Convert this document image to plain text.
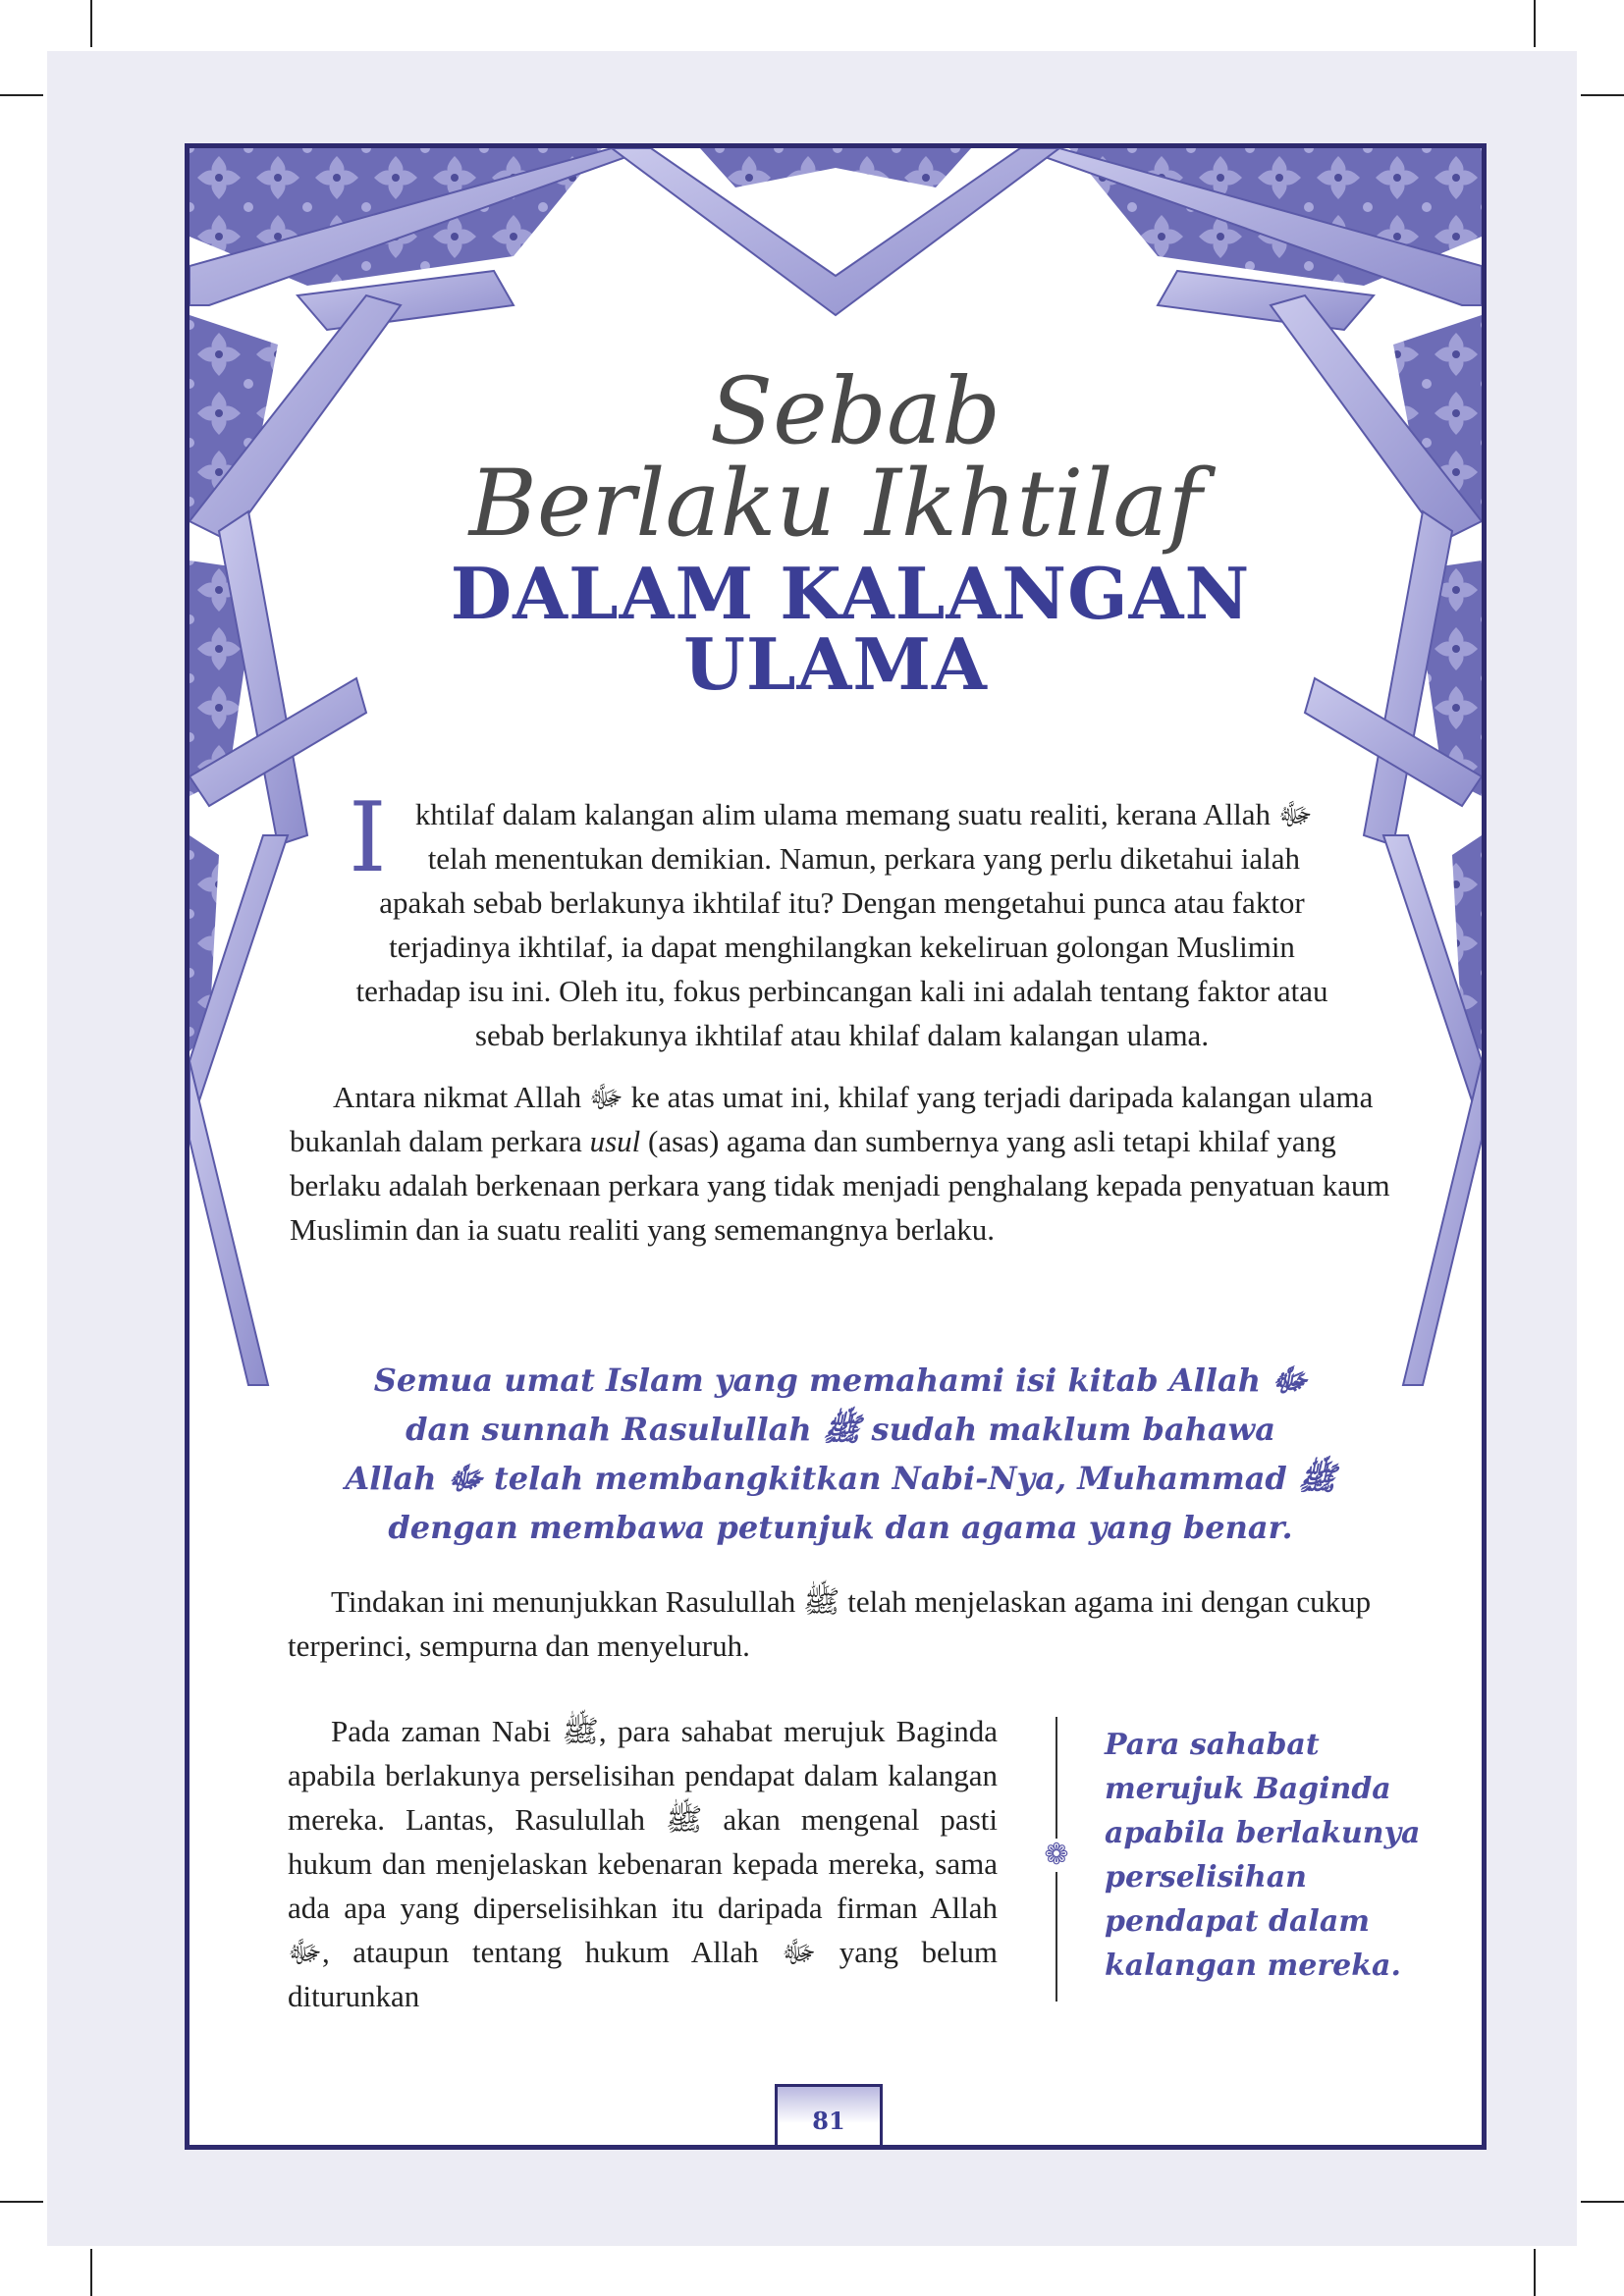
Sebab
Berlaku Ikhtilaf
DALAM KALANGAN
ULAMA

Ikhtilaf dalam kalangan alim ulama memang suatu realiti, kerana Allah ﷻ telah menentukan demikian. Namun, perkara yang perlu diketahui ialah apakah sebab berlakunya ikhtilaf itu? Dengan mengetahui punca atau faktor terjadinya ikhtilaf, ia dapat menghilangkan kekeliruan golongan Muslimin terhadap isu ini. Oleh itu, fokus perbincangan kali ini adalah tentang faktor atau sebab berlakunya ikhtilaf atau khilaf dalam kalangan ulama.

Antara nikmat Allah ﷻ ke atas umat ini, khilaf yang terjadi daripada kalangan ulama bukanlah dalam perkara usul (asas) agama dan sumbernya yang asli tetapi khilaf yang berlaku adalah berkenaan perkara yang tidak menjadi penghalang kepada penyatuan kaum Muslimin dan ia suatu realiti yang sememangnya berlaku.

Semua umat Islam yang memahami isi kitab Allah ﷻ
dan sunnah Rasulullah ﷺ sudah maklum bahawa
Allah ﷻ telah membangkitkan Nabi-Nya, Muhammad ﷺ
dengan membawa petunjuk dan agama yang benar.

Tindakan ini menunjukkan Rasulullah ﷺ telah menjelaskan agama ini dengan cukup terperinci, sempurna dan menyeluruh.

Pada zaman Nabi ﷺ, para sahabat merujuk Baginda apabila berlakunya perselisihan pendapat dalam kalangan mereka. Lantas, Rasulullah ﷺ akan mengenal pasti hukum dan menjelaskan kebenaran kepada mereka, sama ada apa yang diperselisihkan itu daripada firman Allah ﷻ, ataupun tentang hukum Allah ﷻ yang belum diturunkan

❁
Para sahabat merujuk Baginda apabila berlakunya perselisihan pendapat dalam kalangan mereka.
81
